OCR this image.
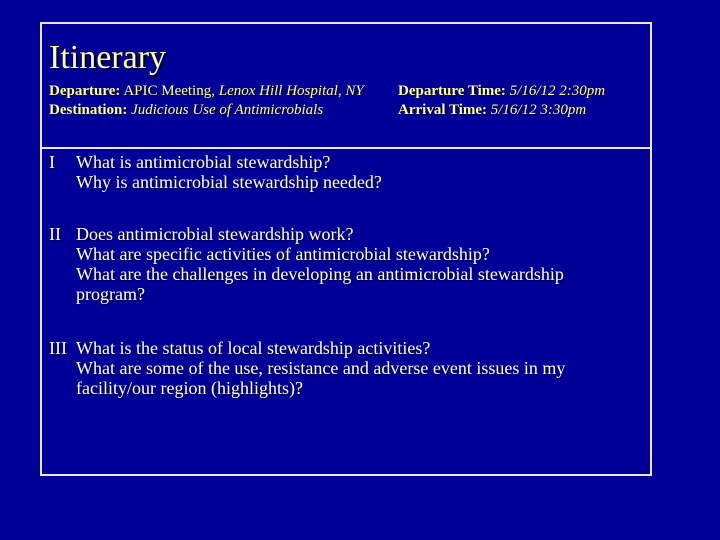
Itinerary
Departure: APIC Meeting, Lenox Hill Hospital, NY
Destination: Judicious Use of Antimicrobials
Departure Time: 5/16/12 2:30pm
Arrival Time: 5/16/12 3:30pm
I What is antimicrobial stewardship?
Why is antimicrobial stewardship needed?
II Does antimicrobial stewardship work?
What are specific activities of antimicrobial stewardship?
What are the challenges in developing an antimicrobial stewardship
program?
III What is the status of local stewardship activities?
What are some of the use, resistance and adverse event issues in my
facility/our region (highlights)?
